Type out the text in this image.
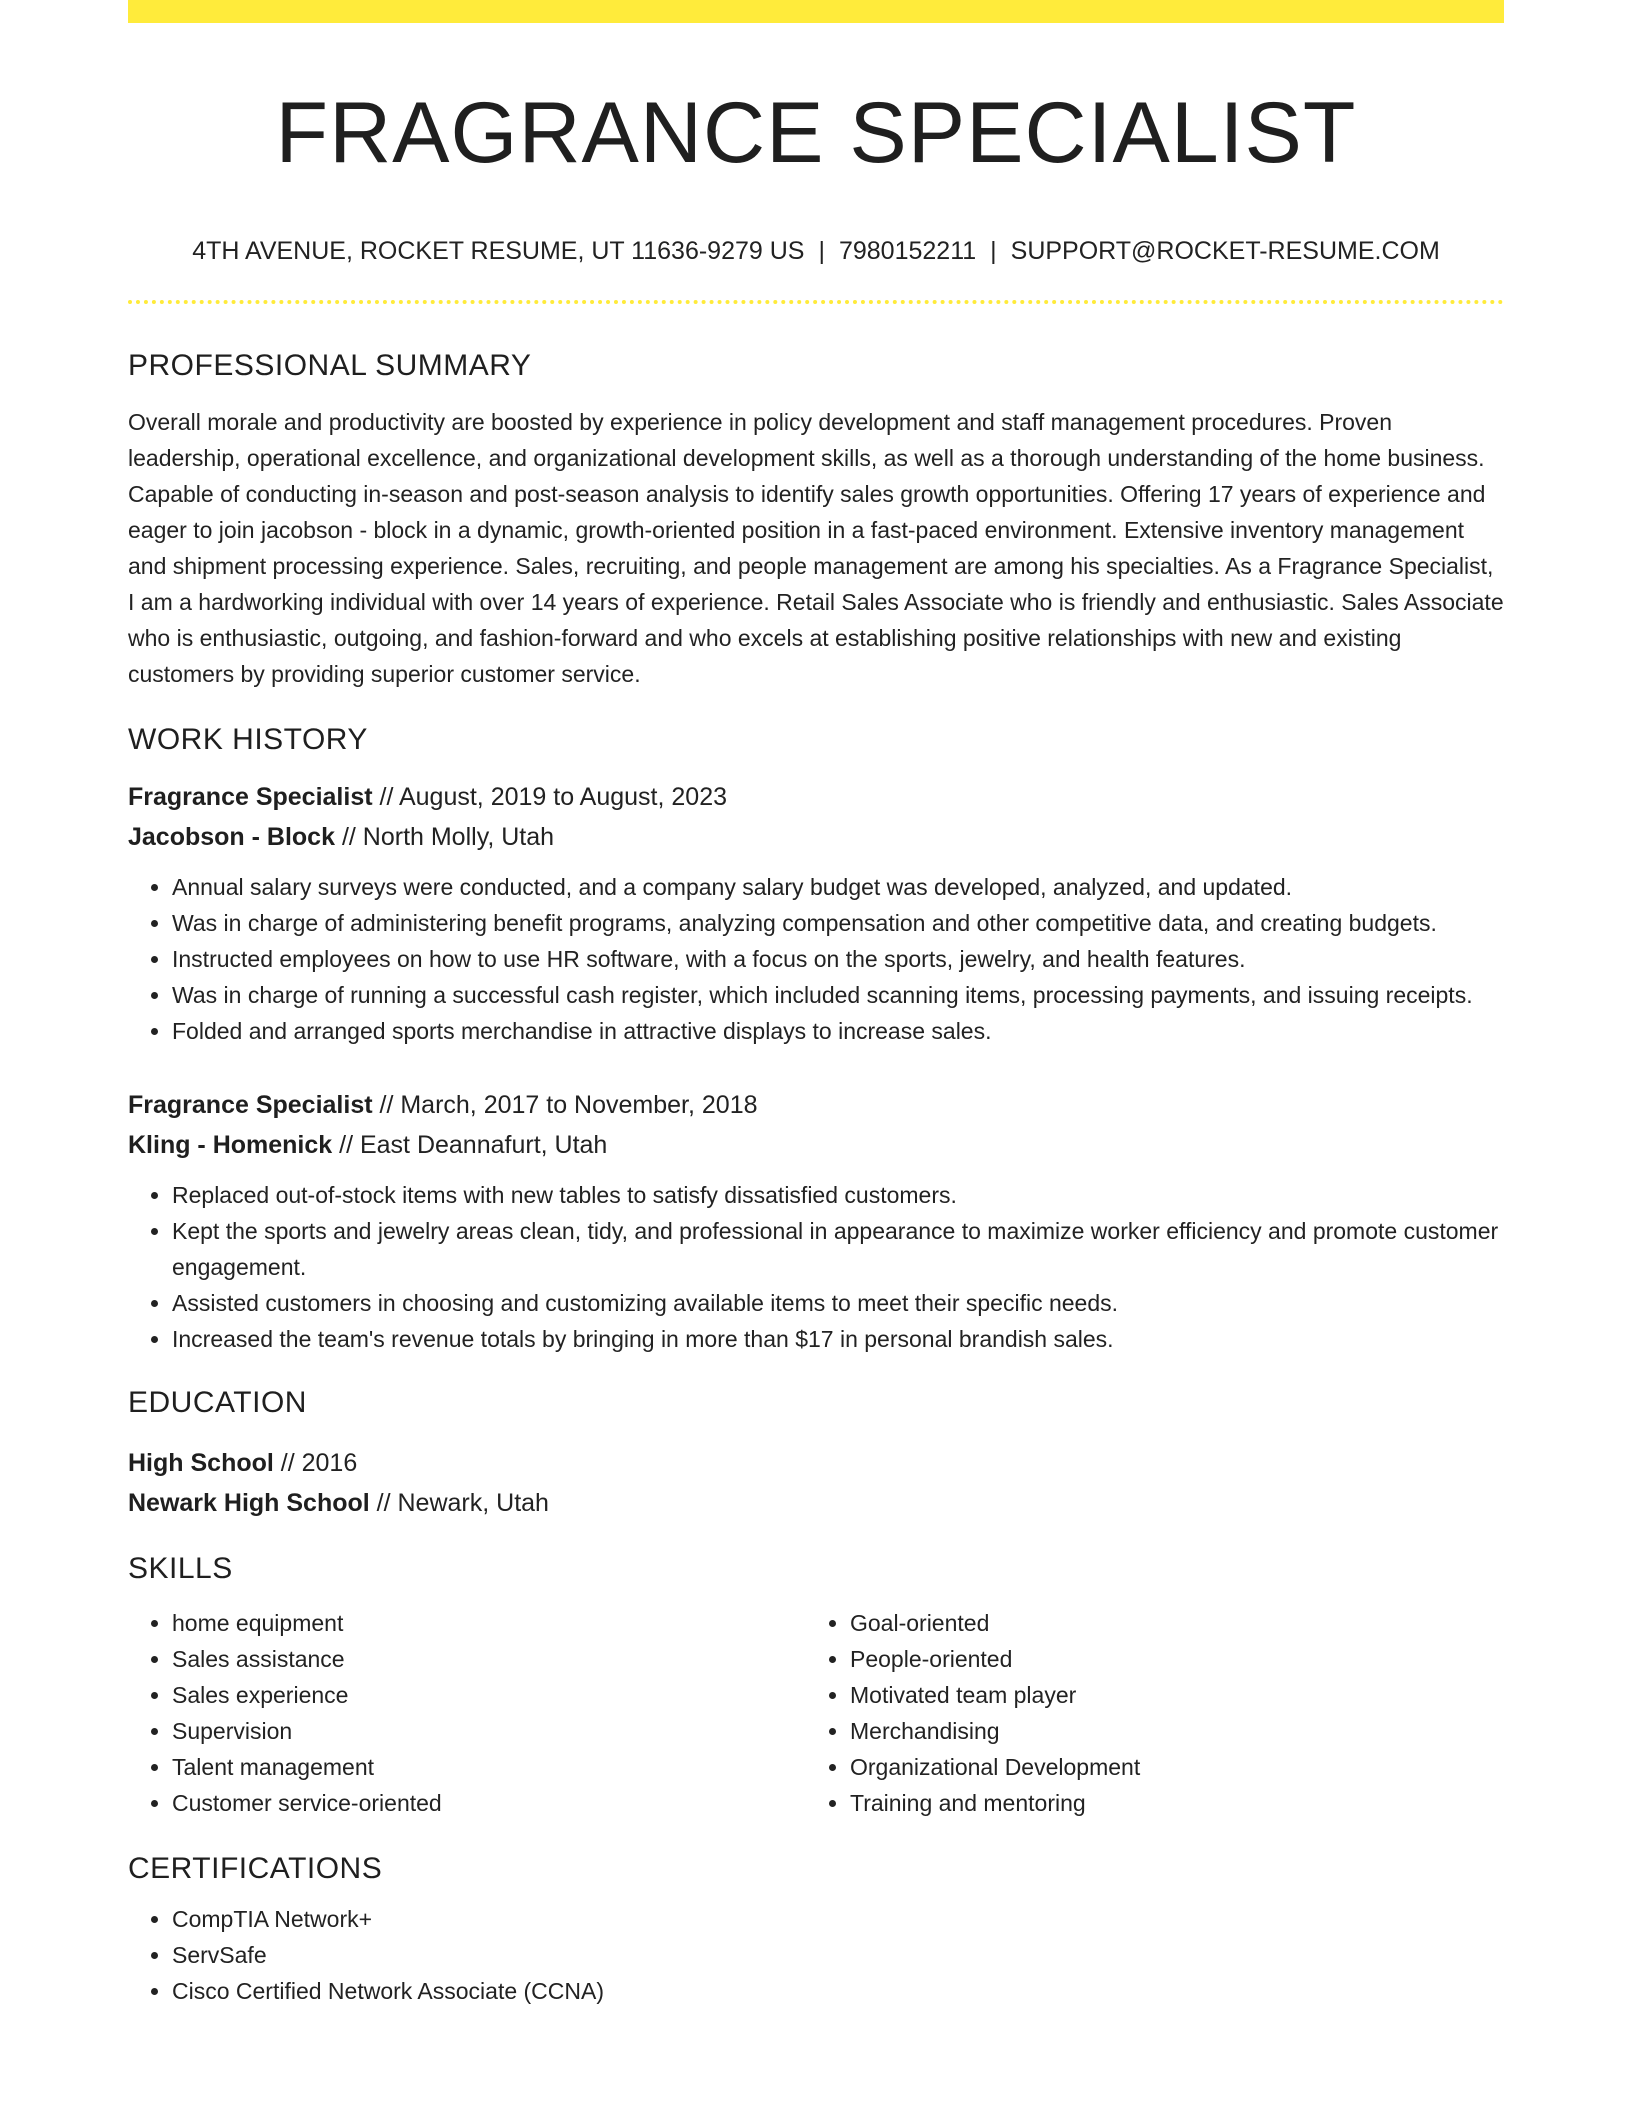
FRAGRANCE SPECIALIST
4TH AVENUE, ROCKET RESUME, UT 11636-9279 US | 7980152211 | SUPPORT@ROCKET-RESUME.COM
PROFESSIONAL SUMMARY

Overall morale and productivity are boosted by experience in policy development and staff management procedures. Proven leadership, operational excellence, and organizational development skills, as well as a thorough understanding of the home business. Capable of conducting in-season and post-season analysis to identify sales growth opportunities. Offering 17 years of experience and eager to join jacobson - block in a dynamic, growth-oriented position in a fast-paced environment. Extensive inventory management and shipment processing experience. Sales, recruiting, and people management are among his specialties. As a Fragrance Specialist, I am a hardworking individual with over 14 years of experience. Retail Sales Associate who is friendly and enthusiastic. Sales Associate who is enthusiastic, outgoing, and fashion-forward and who excels at establishing positive relationships with new and existing customers by providing superior customer service.

WORK HISTORY
Fragrance Specialist // August, 2019 to August, 2023
Jacobson - Block // North Molly, Utah
• Annual salary surveys were conducted, and a company salary budget was developed, analyzed, and updated.
• Was in charge of administering benefit programs, analyzing compensation and other competitive data, and creating budgets.
• Instructed employees on how to use HR software, with a focus on the sports, jewelry, and health features.
• Was in charge of running a successful cash register, which included scanning items, processing payments, and issuing receipts.
• Folded and arranged sports merchandise in attractive displays to increase sales.
Fragrance Specialist // March, 2017 to November, 2018
Kling - Homenick // East Deannafurt, Utah
• Replaced out-of-stock items with new tables to satisfy dissatisfied customers.
• Kept the sports and jewelry areas clean, tidy, and professional in appearance to maximize worker efficiency and promote customer engagement.
• Assisted customers in choosing and customizing available items to meet their specific needs.
• Increased the team's revenue totals by bringing in more than $17 in personal brandish sales.
EDUCATION
High School // 2016
Newark High School // Newark, Utah
SKILLS
• home equipment
• Sales assistance
• Sales experience
• Supervision
• Talent management
• Customer service-oriented
• Goal-oriented
• People-oriented
• Motivated team player
• Merchandising
• Organizational Development
• Training and mentoring
CERTIFICATIONS
• CompTIA Network+
• ServSafe
• Cisco Certified Network Associate (CCNA)
